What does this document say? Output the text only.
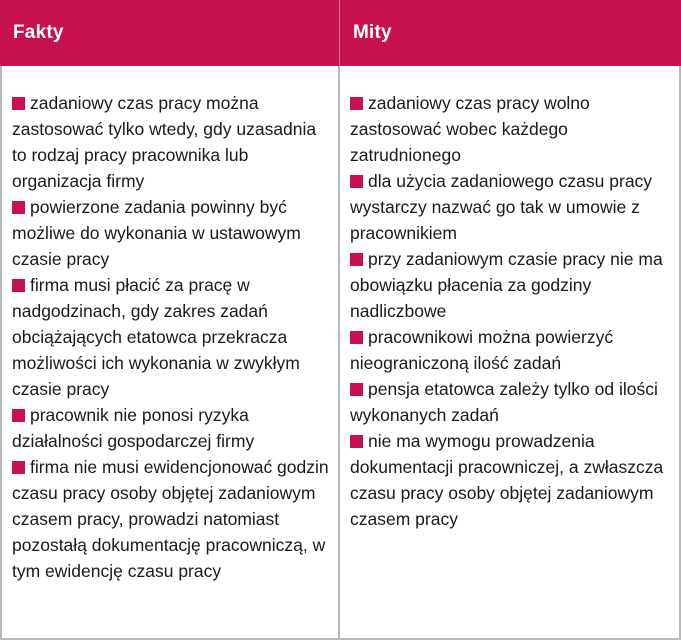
Fakty	Mity

zadaniowy czas pracy można zastosować tylko wtedy, gdy uzasadnia to rodzaj pracy pracownika lub organizacja firmy

powierzone zadania powinny być możliwe do wykonania w ustawowym czasie pracy

firma musi płacić za pracę w nadgodzinach, gdy zakres zadań obciążających etatowca przekracza możliwości ich wykonania w zwykłym czasie pracy

pracownik nie ponosi ryzyka działalności gospodarczej firmy

firma nie musi ewidencjonować godzin czasu pracy osoby objętej zadaniowym czasem pracy, prowadzi natomiast pozostałą dokumentację pracowniczą, w tym ewidencję czasu pracy

zadaniowy czas pracy wolno zastosować wobec każdego zatrudnionego

dla użycia zadaniowego czasu pracy wystarczy nazwać go tak w umowie z pracownikiem

przy zadaniowym czasie pracy nie ma obowiązku płacenia za godziny nadliczbowe

pracownikowi można powierzyć nieograniczoną ilość zadań

pensja etatowca zależy tylko od ilości wykonanych zadań

nie ma wymogu prowadzenia dokumentacji pracowniczej, a zwłaszcza czasu pracy osoby objętej zadaniowym czasem pracy
